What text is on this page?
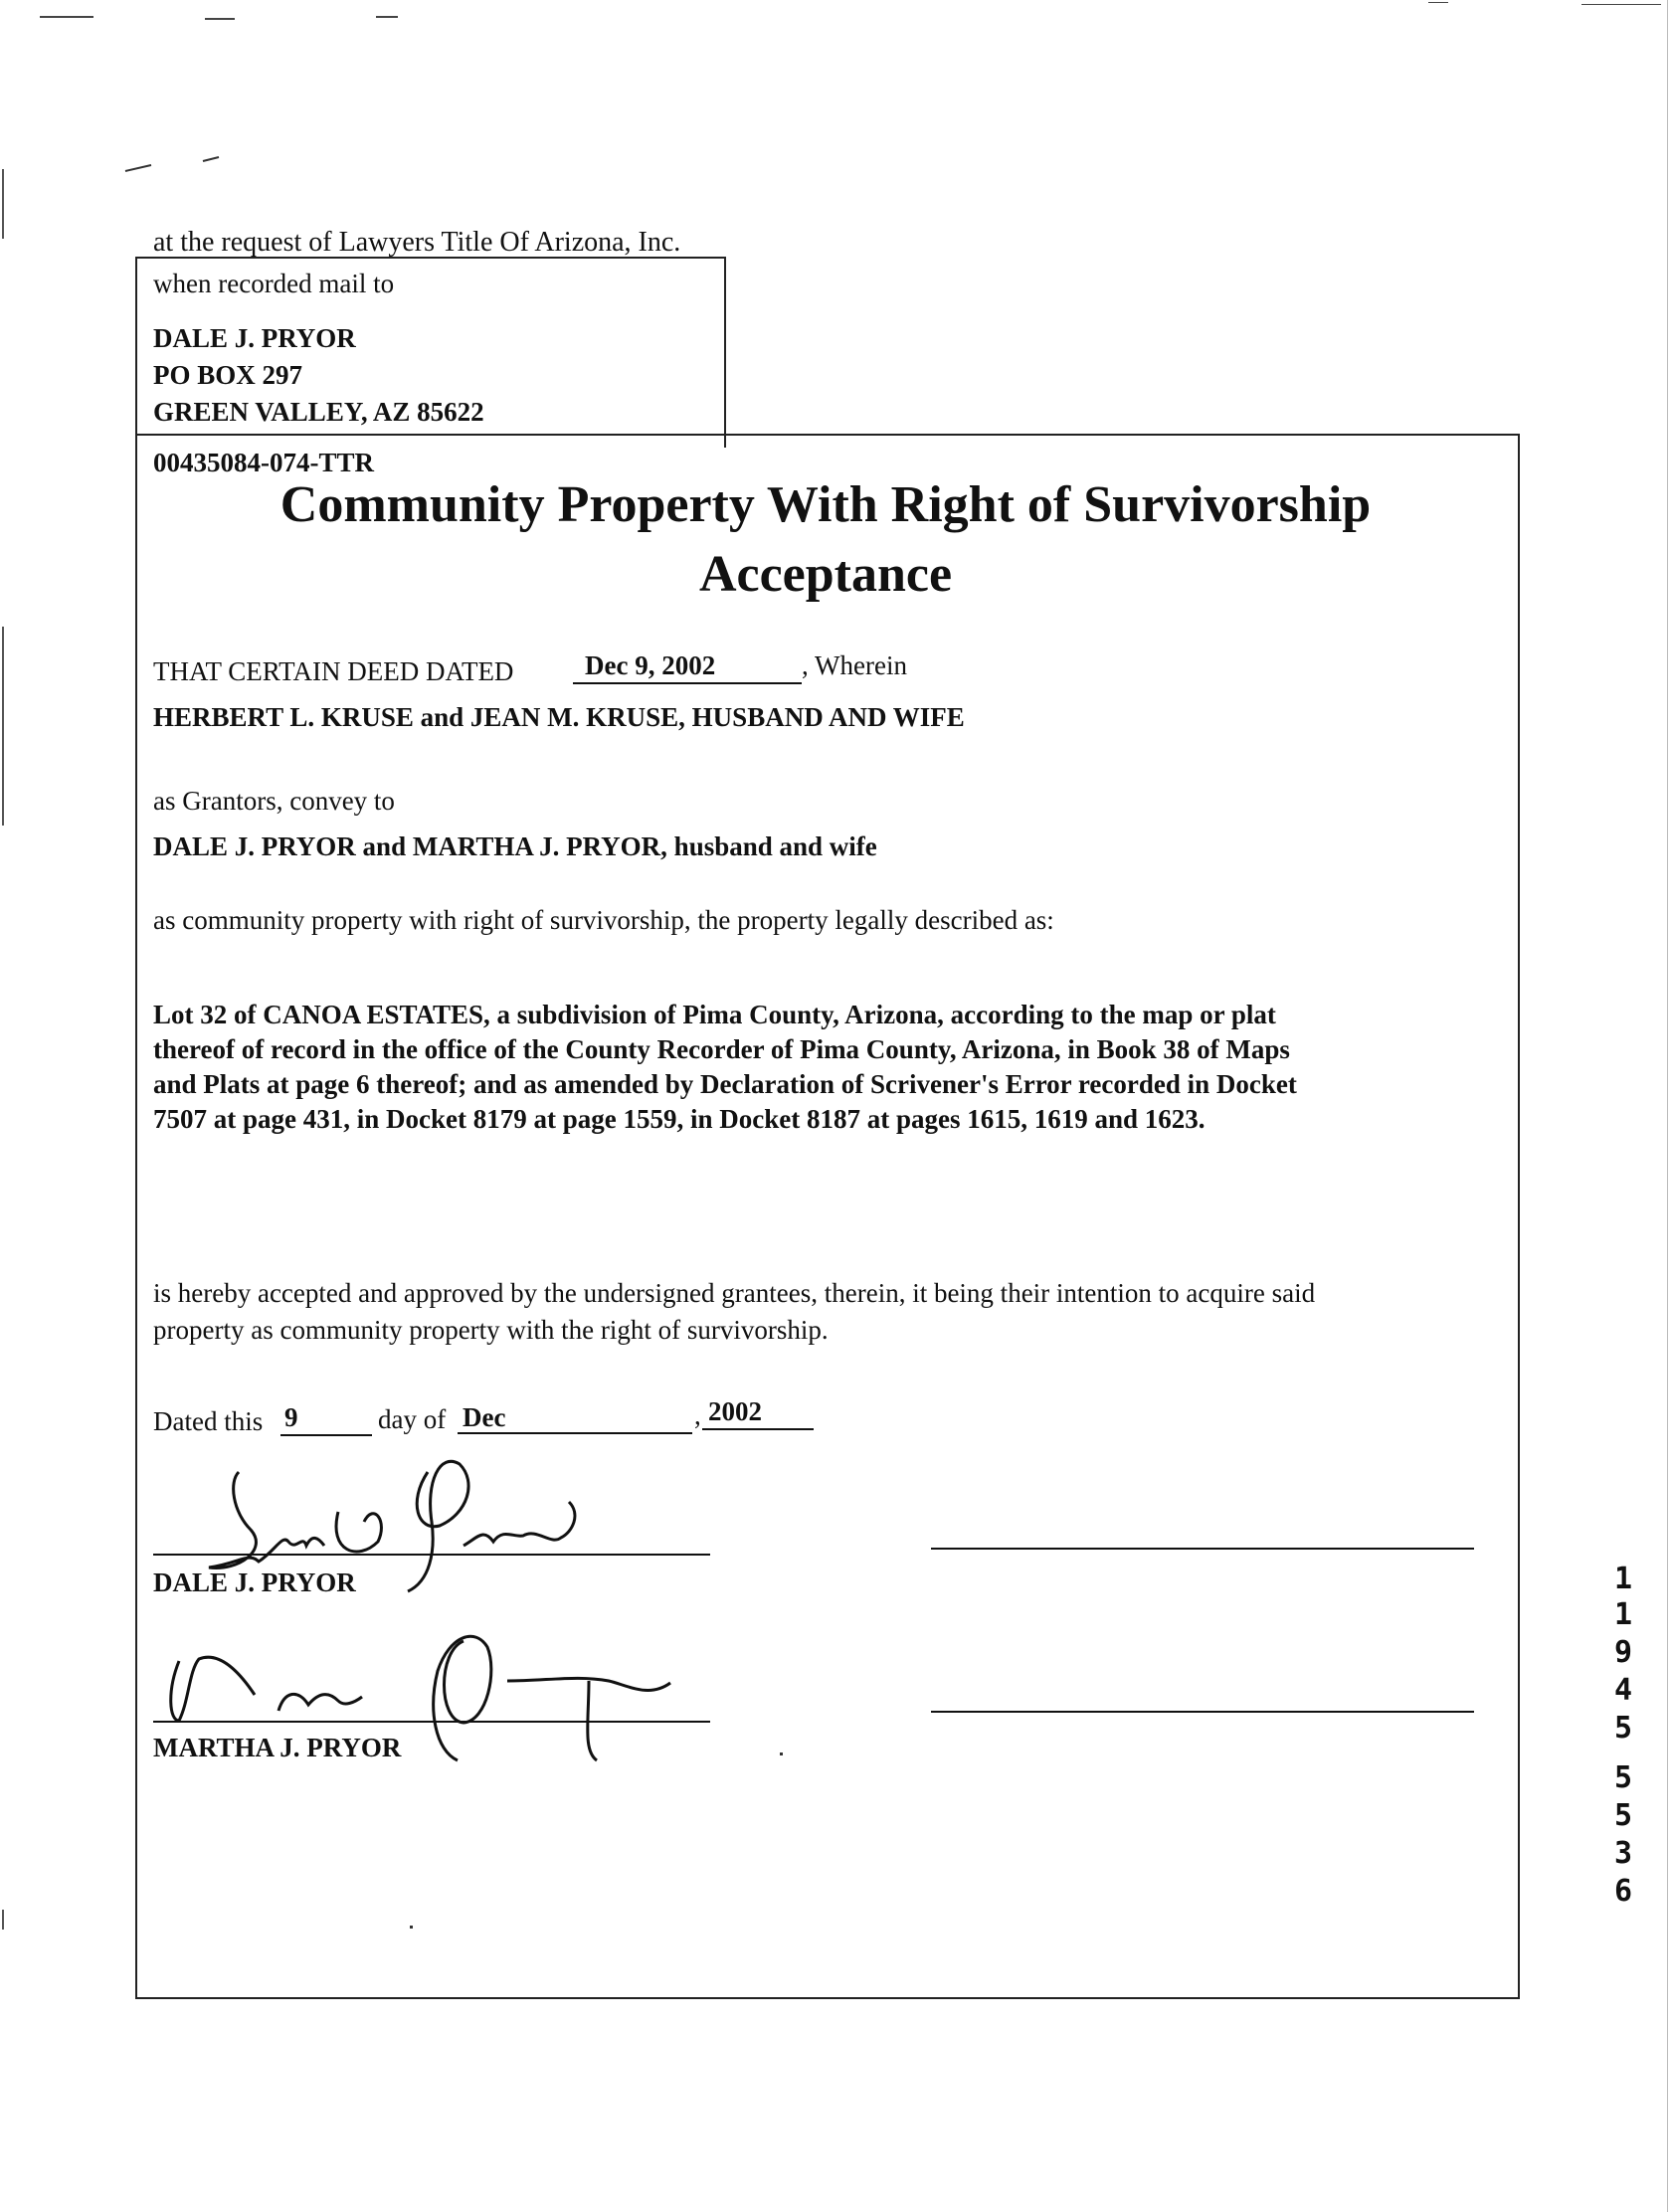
at the request of Lawyers Title Of Arizona, Inc.
when recorded mail to
DALE J. PRYOR
PO BOX 297
GREEN VALLEY, AZ 85622
00435084-074-TTR
Community Property With Right of Survivorship
Acceptance
THAT CERTAIN DEED DATED	Dec 9, 2002	, Wherein
HERBERT L. KRUSE and JEAN M. KRUSE, HUSBAND AND WIFE
as Grantors, convey to
DALE J. PRYOR and MARTHA J. PRYOR, husband and wife
as community property with right of survivorship, the property legally described as:
Lot 32 of CANOA ESTATES, a subdivision of Pima County, Arizona, according to the map or plat
thereof of record in the office of the County Recorder of Pima County, Arizona, in Book 38 of Maps
and Plats at page 6 thereof; and as amended by Declaration of Scrivener's Error recorded in Docket
7507 at page 431, in Docket 8179 at page 1559, in Docket 8187 at pages 1615, 1619 and 1623.
is hereby accepted and approved by the undersigned grantees, therein, it being their intention to acquire said
property as community property with the right of survivorship.
Dated this 9	day of Dec	, 2002
DALE J. PRYOR
MARTHA J. PRYOR
1
1
9
4
5
5
5
3
6
